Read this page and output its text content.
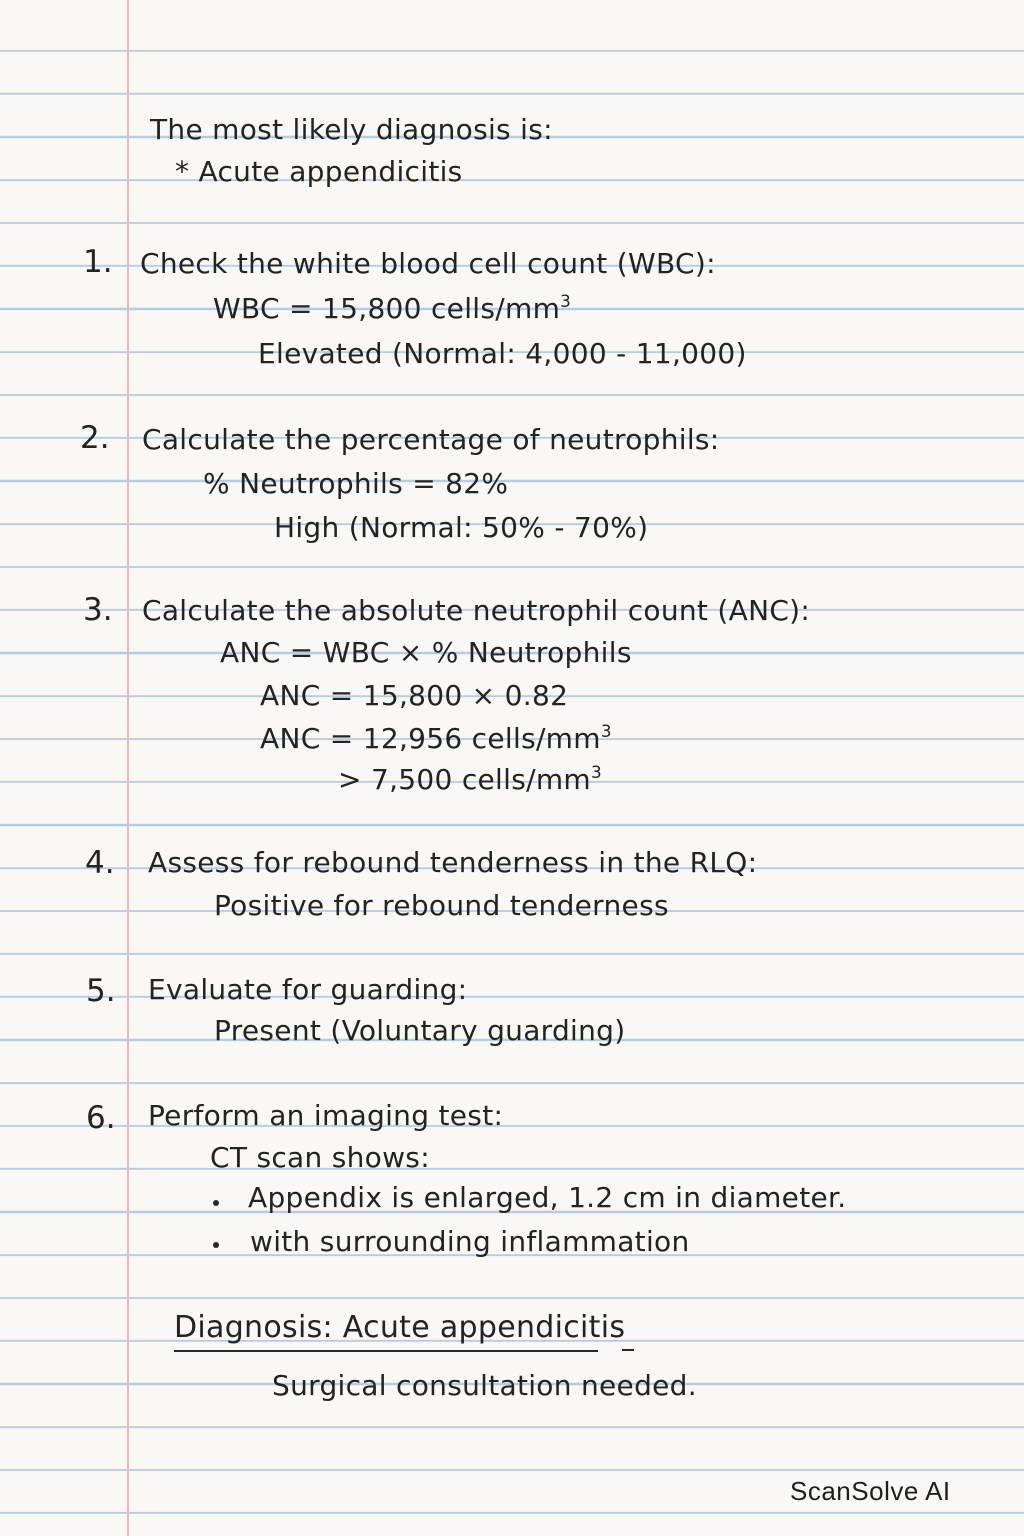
The most likely diagnosis is:
* Acute appendicitis
1. Check the white blood cell count (WBC):
WBC = 15,800 cells/$mm^3$
Elevated (Normal: 4,000 - 11,000)
2. Calculate the percentage of neutrophils:
% Neutrophils = 82%
High (Normal: 50% - 70%)
3. Calculate the absolute neutrophil count (ANC):
ANC = WBC × % Neutrophils
ANC = 15,800 × 0.82
ANC = 12,956 cells/$mm^3$
> 7,500 cells/$mm^3$
4. Assess for rebound tenderness in the RLQ:
Positive for rebound tenderness
5. Evaluate for guarding:
Present (Voluntary guarding)
6. Perform an imaging test:
CT scan shows:
Appendix is enlarged, 1.2 cm in diameter.
with surrounding inflammation
Diagnosis: Acute appendicitis
Surgical consultation needed.
ScanSolve AI
